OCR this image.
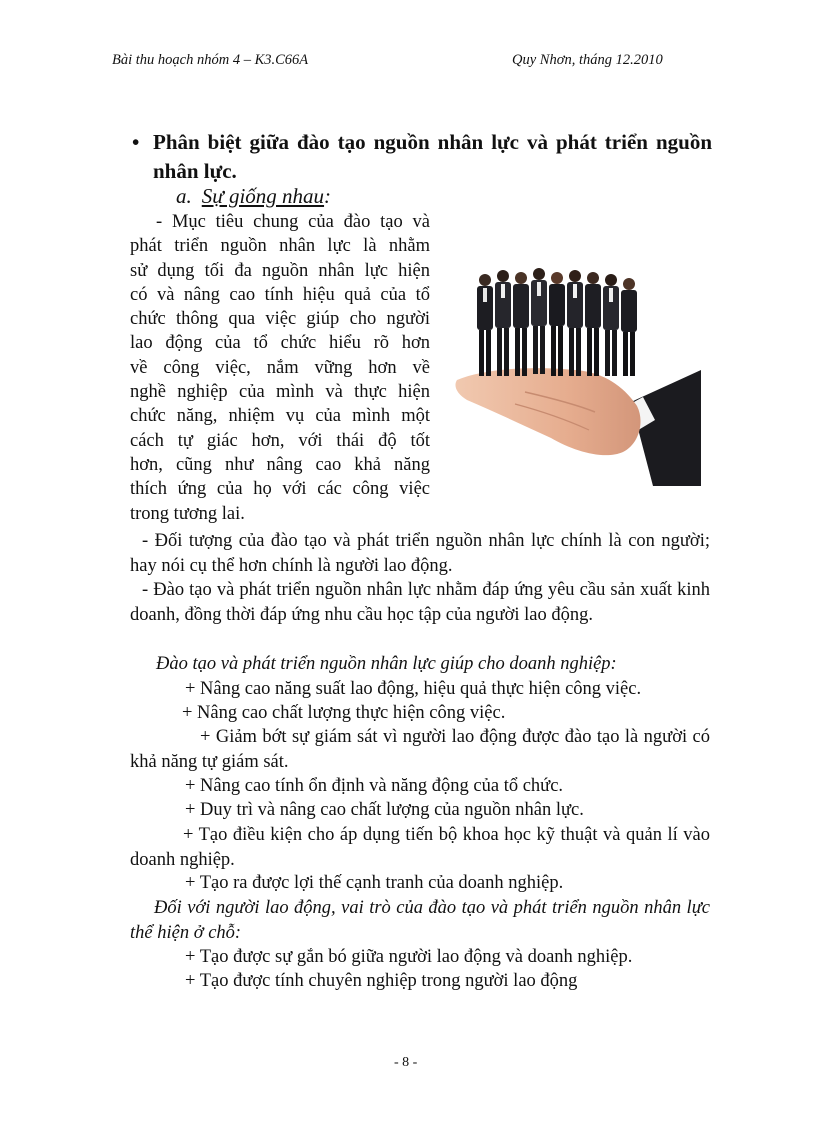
Bài thu hoạch nhóm 4 – K3.C66A	Quy Nhơn, tháng 12.2010
• Phân biệt giữa đào tạo nguồn nhân lực và phát triển nguồn nhân lực.
a. Sự giống nhau:
- Mục tiêu chung của đào tạo và
phát triển nguồn nhân lực là nhằm
sử dụng tối đa nguồn nhân lực hiện
có và nâng cao tính hiệu quả của tổ
chức thông qua việc giúp cho người
lao động của tổ chức hiểu rõ hơn
về công việc, nắm vững hơn về
nghề nghiệp của mình và thực hiện
chức năng, nhiệm vụ của mình một
cách tự giác hơn, với thái độ tốt
hơn, cũng như nâng cao khả năng
thích ứng của họ với các công việc
trong tương lai.
- Đối tượng của đào tạo và phát triển nguồn nhân lực chính là con người; hay nói cụ thể hơn chính là người lao động.
- Đào tạo và phát triển nguồn nhân lực nhằm đáp ứng yêu cầu sản xuất kinh doanh, đồng thời đáp ứng nhu cầu học tập của người lao động.
Đào tạo và phát triển nguồn nhân lực giúp cho doanh nghiệp:
+ Nâng cao năng suất lao động, hiệu quả thực hiện công việc.
+ Nâng cao chất lượng thực hiện công việc.
+ Giảm bớt sự giám sát vì người lao động được đào tạo là người có khả năng tự giám sát.
+ Nâng cao tính ổn định và năng động của tổ chức.
+ Duy trì và nâng cao chất lượng của nguồn nhân lực.
+ Tạo điều kiện cho áp dụng tiến bộ khoa học kỹ thuật và quản lí vào doanh nghiệp.
+ Tạo ra được lợi thế cạnh tranh của doanh nghiệp.
Đối với người lao động, vai trò của đào tạo và phát triển nguồn nhân lực thể hiện ở chỗ:
+ Tạo được sự gắn bó giữa người lao động và doanh nghiệp.
+ Tạo được tính chuyên nghiệp trong người lao động
- 8 -
